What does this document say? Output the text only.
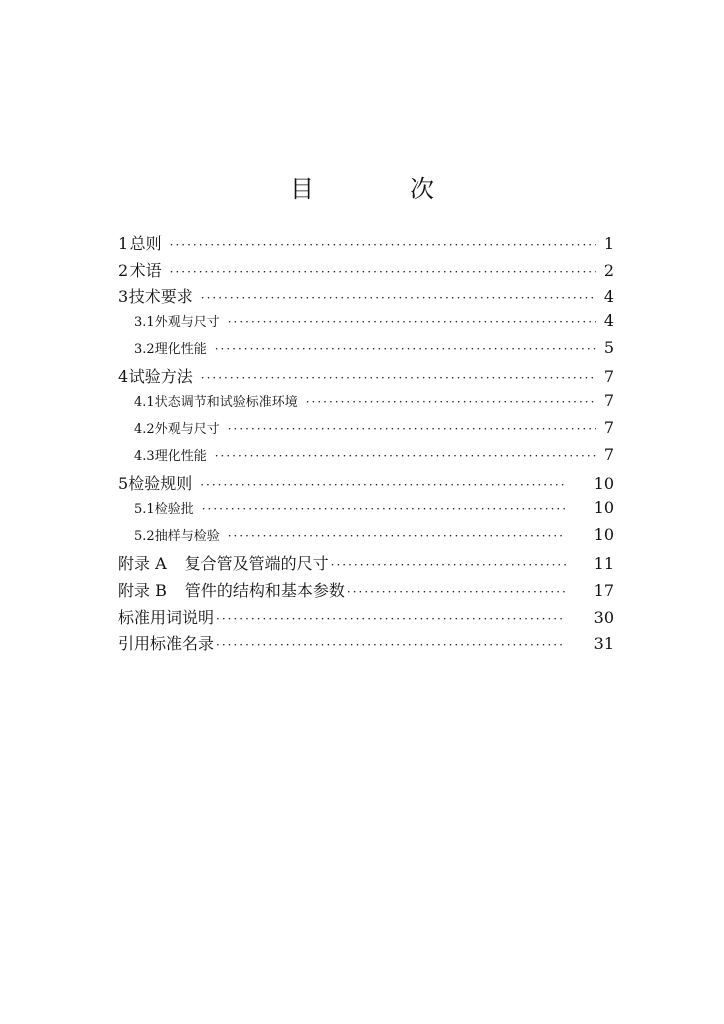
目　次
1 总则 ·····	1
2 术语 ·····	2
3 技术要求 ·····	4
3.1 外观与尺寸 ·····	4
3.2 理化性能 ·····	5
4 试验方法 ·····	7
4.1 状态调节和试验标准环境 ·····	7
4.2 外观与尺寸 ·····	7
4.3 理化性能 ·····	7
5 检验规则 ·····	10
5.1 检验批 ·····	10
5.2 抽样与检验 ·····	10
附录 A 复合管及管端的尺寸 ·····	11
附录 B 管件的结构和基本参数 ·····	17
标准用词说明 ·····	30
引用标准名录 ·····	31
